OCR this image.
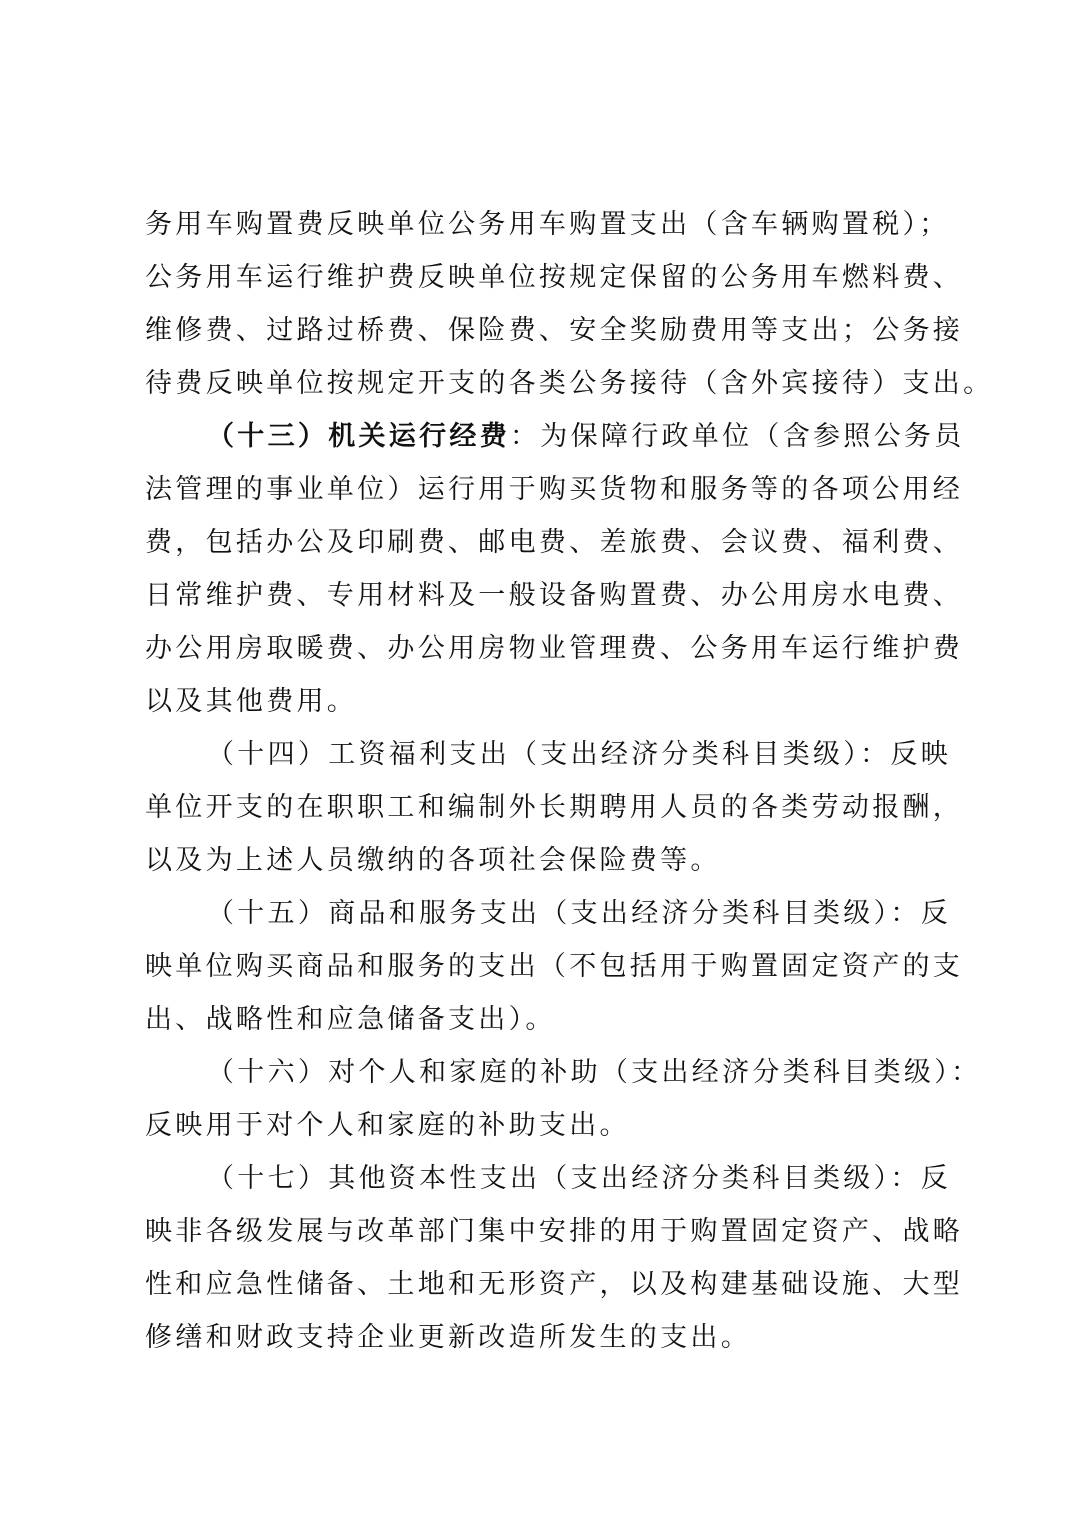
务用车购置费反映单位公务用车购置支出（含车辆购置税）；
公务用车运行维护费反映单位按规定保留的公务用车燃料费、
维修费、过路过桥费、保险费、安全奖励费用等支出；公务接
待费反映单位按规定开支的各类公务接待（含外宾接待）支出。
（十三）机关运行经费：为保障行政单位（含参照公务员
法管理的事业单位）运行用于购买货物和服务等的各项公用经
费，包括办公及印刷费、邮电费、差旅费、会议费、福利费、
日常维护费、专用材料及一般设备购置费、办公用房水电费、
办公用房取暖费、办公用房物业管理费、公务用车运行维护费
以及其他费用。
（十四）工资福利支出（支出经济分类科目类级）：反映
单位开支的在职职工和编制外长期聘用人员的各类劳动报酬，
以及为上述人员缴纳的各项社会保险费等。
（十五）商品和服务支出（支出经济分类科目类级）：反
映单位购买商品和服务的支出（不包括用于购置固定资产的支
出、战略性和应急储备支出）。
（十六）对个人和家庭的补助（支出经济分类科目类级）：
反映用于对个人和家庭的补助支出。
（十七）其他资本性支出（支出经济分类科目类级）：反
映非各级发展与改革部门集中安排的用于购置固定资产、战略
性和应急性储备、土地和无形资产，以及构建基础设施、大型
修缮和财政支持企业更新改造所发生的支出。
